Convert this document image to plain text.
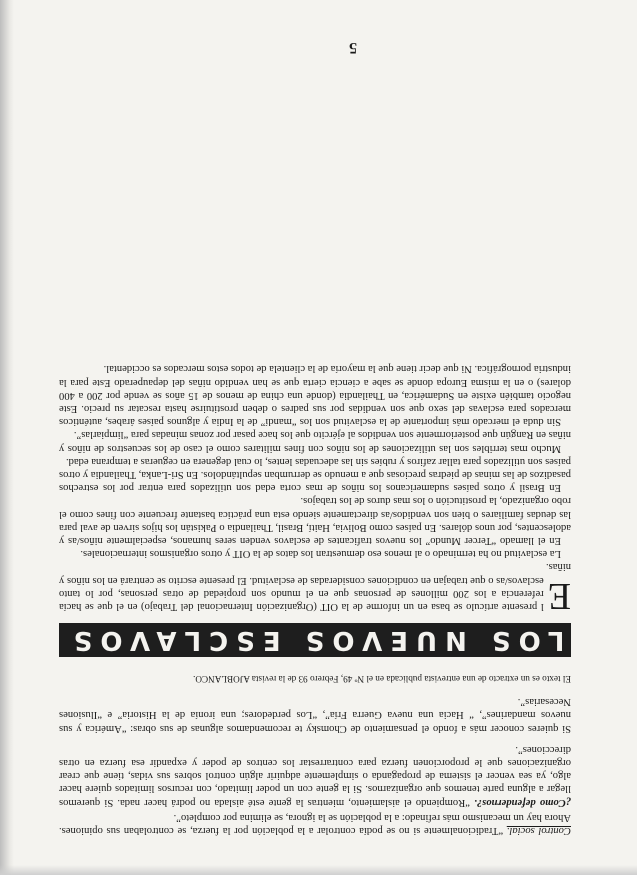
Control social. “Tradicionalmente si no se podía controlar a la población por la fuerza, se controlaban sus opiniones. Ahora hay un mecanismo más refinado: a la población se la ignora, se elimina por completo”.

¿Como defendernos?. “Rompiendo el aislamiento, mientras la gente esté aislada no podrá hacer nada. Si queremos llegar a alguna parte tenemos que organizarnos. Si la gente con un poder limitado, con recursos limitados quiere hacer algo, ya sea vencer el sistema de propaganda o simplemente adquirir algún control sobres sus vidas, tiene que crear organizaciones que le proporcionen fuerza para contrarrestar los centros de poder y expandir esa fuerza en otras direcciones”.

Si quieres conocer más a fondo el pensamiento de Chomsky te recomendamos algunas de sus obras: “América y sus nuevos mandarines”, “ Hacia una nueva Guerra Fría”, “Los perdedores; una ironía de la Historia” e “Ilusiones Necesarias”.

El texto es un extracto de una entrevista publicada en el Nº 49, Febrero 93 de la revista AJOBLANCO.

LOS NUEVOS ESCLAVOS

E
l presente artículo se basa en un informe de la OIT (Organización Internacional del Trabajo) en el que se hacía referencia a los 200 millones de personas que en el mundo son propiedad de otras personas, por lo tanto esclavos/as o que trabajan en condiciones consideradas de esclavitud. El presente escrito se centrará en los niños y niñas.

La esclavitud no ha terminado o al menos eso demuestran los datos de la OIT y otros organismos internacionales.

En el llamado “Tercer Mundo” los nuevos traficantes de esclavos venden seres humanos, especialmente niños/as y adolescentes, por unos dólares. En países como Bolivia, Haití, Brasil, Thailandia o Pakistán los hijos sirven de aval para las deudas familiares o bien son vendidos/as directamente siendo esta una práctica bastante frecuente con fines como el robo organizado, la prostitución o los mas duros de los trabajos.

En Brasil y otros países sudamericanos los niños de mas corta edad son utilizados para entrar por los estrechos pasadizos de las minas de piedras preciosas que a menudo se derrumban sepultándolos. En Sri-Lanka, Thailandia y otros países son utilizados para tallar zafiros y rubíes sin las adecuadas lentes, lo cual degenera en cegueras a temprana edad.

Mucho mas terribles son las utilizaciones de los niños con fines militares como el caso de los secuestros de niños y niñas en Rangún que posteriormente son vendidos al ejército que los hace pasar por zonas minadas para “limpiarlas”.

Sin duda el mercado más importante de la esclavitud son los “mandí” de la India y algunos países árabes, auténticos mercados para esclavas del sexo que son vendidas por sus padres o deben prostituirse hasta rescatar su precio. Este negocio también existe en Sudamérica, en Thailandia (donde una china de menos de 15 años se vende por 200 a 400 dolares) o en la misma Europa donde se sabe a ciencia cierta que se han vendido niñas del depauperado Este para la industria pornográfica. Ni que decir tiene que la mayoría de la clientela de todos estos mercados es occidental.

5
